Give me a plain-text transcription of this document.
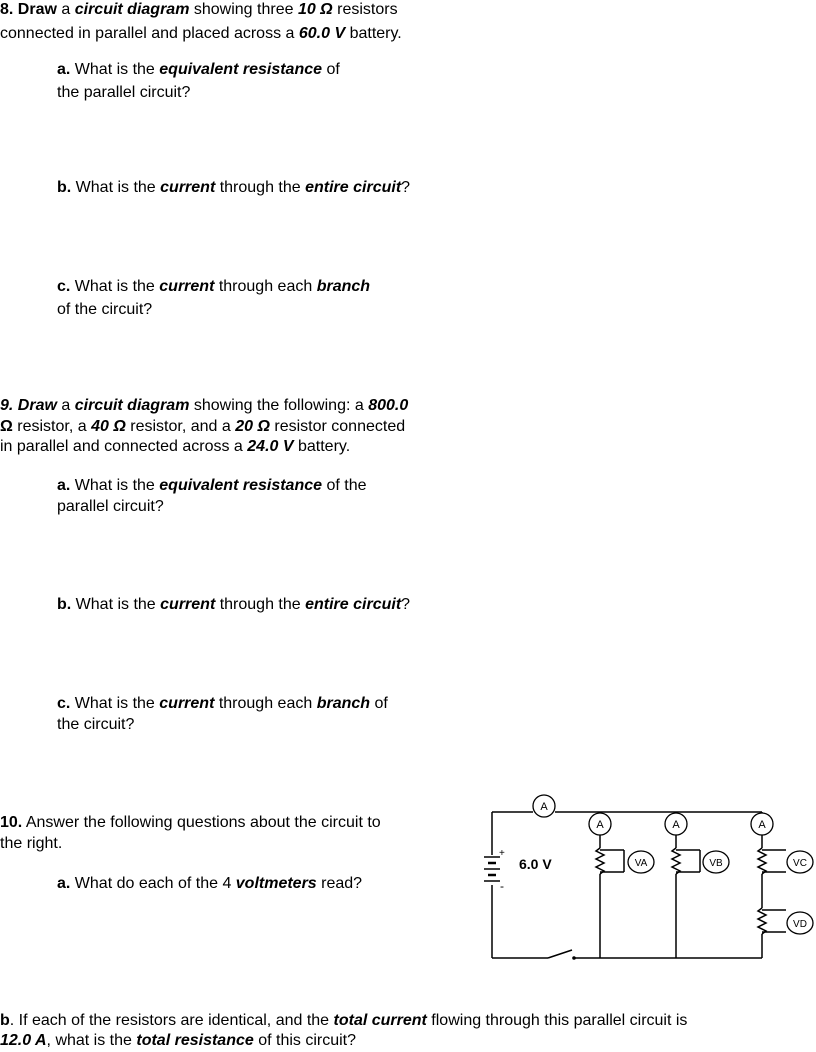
8. Draw a circuit diagram showing three 10 Ω resistors
connected in parallel and placed across a 60.0 V battery.
a. What is the equivalent resistance of
the parallel circuit?
b. What is the current through the entire circuit?
c. What is the current through each branch
of the circuit?
9. Draw a circuit diagram showing the following: a 800.0
Ω resistor, a 40 Ω resistor, and a 20 Ω resistor connected
in parallel and connected across a 24.0 V battery.
a. What is the equivalent resistance of the
parallel circuit?
b. What is the current through the entire circuit?
c. What is the current through each branch of
the circuit?
10. Answer the following questions about the circuit to
the right.
a. What do each of the 4 voltmeters read?
b. If each of the resistors are identical, and the total current flowing through this parallel circuit is
12.0 A, what is the total resistance of this circuit?
+
-
6.0 V
A
A	A	A
VA	VB	VC
VD
